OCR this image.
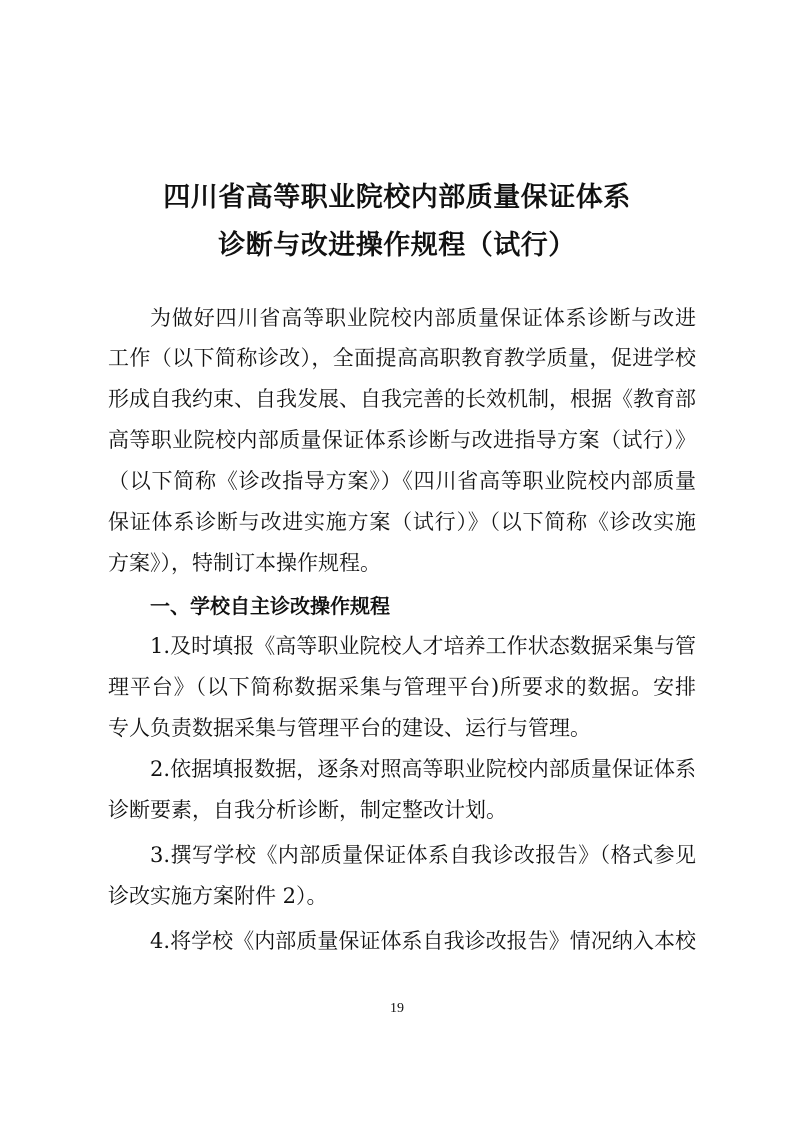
四川省高等职业院校内部质量保证体系
诊断与改进操作规程（试行）
为做好四川省高等职业院校内部质量保证体系诊断与改进
工作（以下简称诊改），全面提高高职教育教学质量，促进学校
形成自我约束、自我发展、自我完善的长效机制，根据《教育部
高等职业院校内部质量保证体系诊断与改进指导方案（试行）》
（以下简称《诊改指导方案》）《四川省高等职业院校内部质量
保证体系诊断与改进实施方案（试行）》（以下简称《诊改实施
方案》），特制订本操作规程。
一、学校自主诊改操作规程
1.及时填报《高等职业院校人才培养工作状态数据采集与管
理平台》（以下简称数据采集与管理平台)所要求的数据。安排
专人负责数据采集与管理平台的建设、运行与管理。
2.依据填报数据，逐条对照高等职业院校内部质量保证体系
诊断要素，自我分析诊断，制定整改计划。
3.撰写学校《内部质量保证体系自我诊改报告》（格式参见
诊改实施方案附件 2）。
4.将学校《内部质量保证体系自我诊改报告》情况纳入本校
19
